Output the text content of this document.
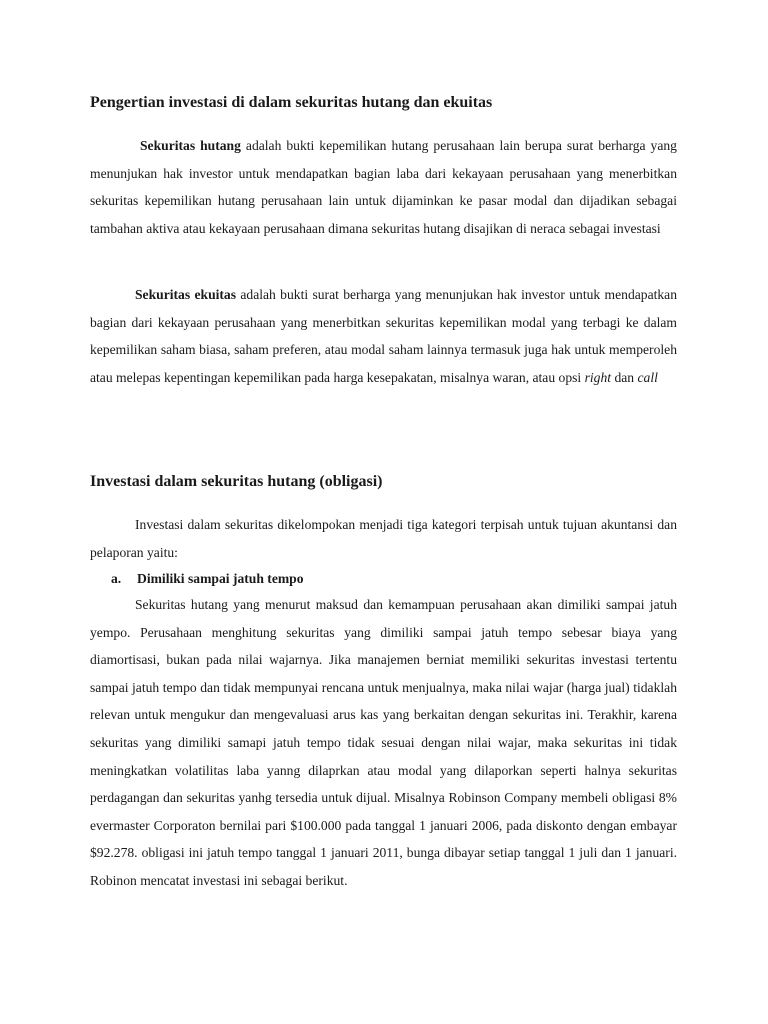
Pengertian investasi di dalam sekuritas hutang dan ekuitas

Sekuritas hutang adalah bukti kepemilikan hutang perusahaan lain berupa surat berharga yang menunjukan hak investor untuk mendapatkan bagian laba dari kekayaan perusahaan yang menerbitkan sekuritas kepemilikan hutang perusahaan lain untuk dijaminkan ke pasar modal dan dijadikan sebagai tambahan aktiva atau kekayaan perusahaan dimana sekuritas hutang disajikan di neraca sebagai investasi

Sekuritas ekuitas adalah bukti surat berharga yang menunjukan hak investor untuk mendapatkan bagian dari kekayaan perusahaan yang menerbitkan sekuritas kepemilikan modal yang terbagi ke dalam kepemilikan saham biasa, saham preferen, atau modal saham lainnya termasuk juga hak untuk memperoleh atau melepas kepentingan kepemilikan pada harga kesepakatan, misalnya waran, atau opsi right dan call

Investasi dalam sekuritas hutang (obligasi)

Investasi dalam sekuritas dikelompokan menjadi tiga kategori terpisah untuk tujuan akuntansi dan pelaporan yaitu:

a. Dimiliki sampai jatuh tempo

Sekuritas hutang yang menurut maksud dan kemampuan perusahaan akan dimiliki sampai jatuh yempo. Perusahaan menghitung sekuritas yang dimiliki sampai jatuh tempo sebesar biaya yang diamortisasi, bukan pada nilai wajarnya. Jika manajemen berniat memiliki sekuritas investasi tertentu sampai jatuh tempo dan tidak mempunyai rencana untuk menjualnya, maka nilai wajar (harga jual) tidaklah relevan untuk mengukur dan mengevaluasi arus kas yang berkaitan dengan sekuritas ini. Terakhir, karena sekuritas yang dimiliki samapi jatuh tempo tidak sesuai dengan nilai wajar, maka sekuritas ini tidak meningkatkan volatilitas laba yanng dilaprkan atau modal yang dilaporkan seperti halnya sekuritas perdagangan dan sekuritas yanhg tersedia untuk dijual. Misalnya Robinson Company membeli obligasi 8% evermaster Corporaton bernilai pari $100.000 pada tanggal 1 januari 2006, pada diskonto dengan embayar $92.278. obligasi ini jatuh tempo tanggal 1 januari 2011, bunga dibayar setiap tanggal 1 juli dan 1 januari. Robinon mencatat investasi ini sebagai berikut.
